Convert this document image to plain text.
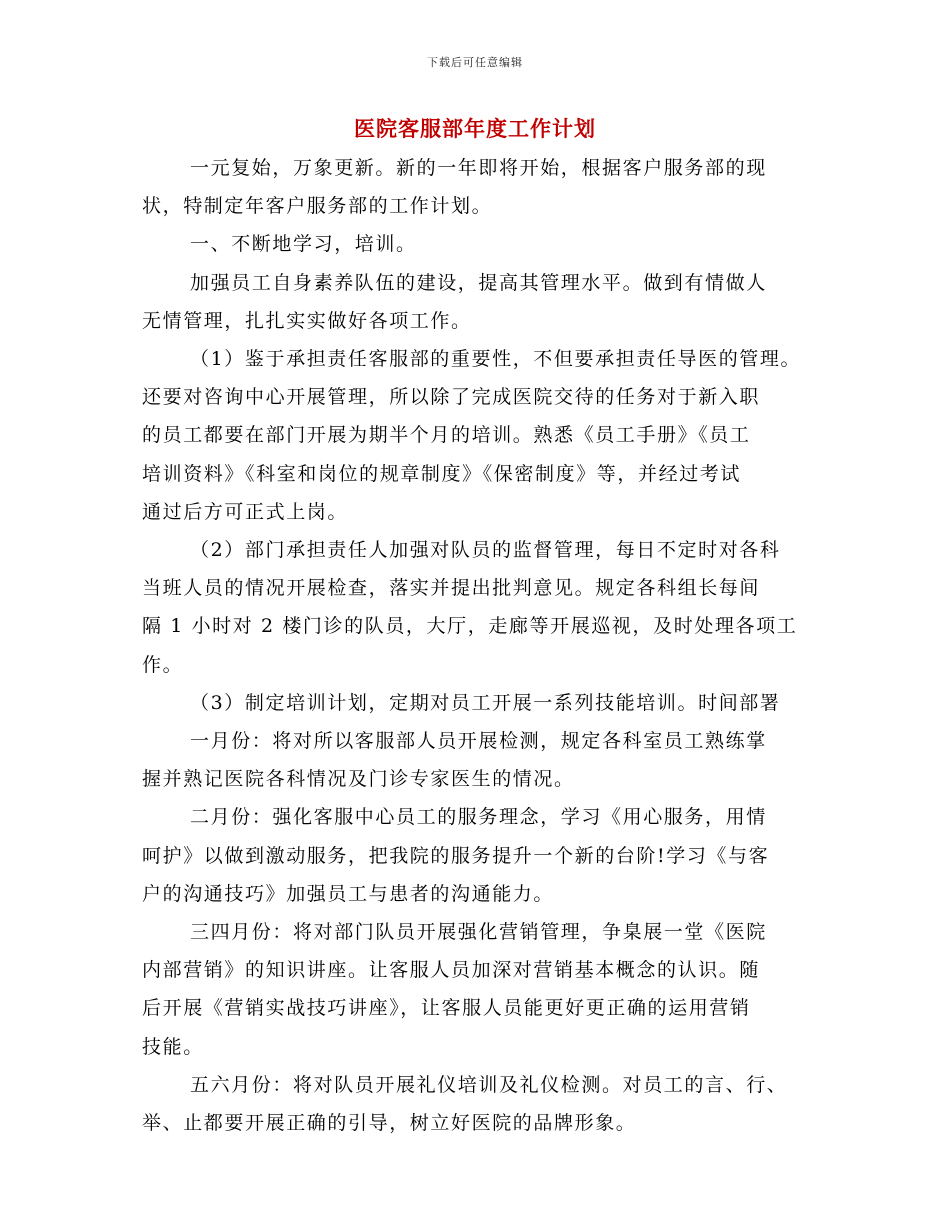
下载后可任意编辑
医院客服部年度工作计划
一元复始，万象更新。新的一年即将开始，根据客户服务部的现
状，特制定年客户服务部的工作计划。
一、不断地学习，培训。
加强员工自身素养队伍的建设，提高其管理水平。做到有情做人
无情管理，扎扎实实做好各项工作。
（1）鉴于承担责任客服部的重要性，不但要承担责任导医的管理。
还要对咨询中心开展管理，所以除了完成医院交待的任务对于新入职
的员工都要在部门开展为期半个月的培训。熟悉《员工手册》《员工
培训资料》《科室和岗位的规章制度》《保密制度》等，并经过考试
通过后方可正式上岗。
（2）部门承担责任人加强对队员的监督管理，每日不定时对各科
当班人员的情况开展检查，落实并提出批判意见。规定各科组长每间
隔 1 小时对 2 楼门诊的队员，大厅，走廊等开展巡视，及时处理各项工
作。
（3）制定培训计划，定期对员工开展一系列技能培训。时间部署
一月份：将对所以客服部人员开展检测，规定各科室员工熟练掌
握并熟记医院各科情况及门诊专家医生的情况。
二月份：强化客服中心员工的服务理念，学习《用心服务，用情
呵护》以做到激动服务，把我院的服务提升一个新的台阶!学习《与客
户的沟通技巧》加强员工与患者的沟通能力。
三四月份：将对部门队员开展强化营销管理，争臬展一堂《医院
内部营销》的知识讲座。让客服人员加深对营销基本概念的认识。随
后开展《营销实战技巧讲座》，让客服人员能更好更正确的运用营销
技能。
五六月份：将对队员开展礼仪培训及礼仪检测。对员工的言、行、
举、止都要开展正确的引导，树立好医院的品牌形象。
